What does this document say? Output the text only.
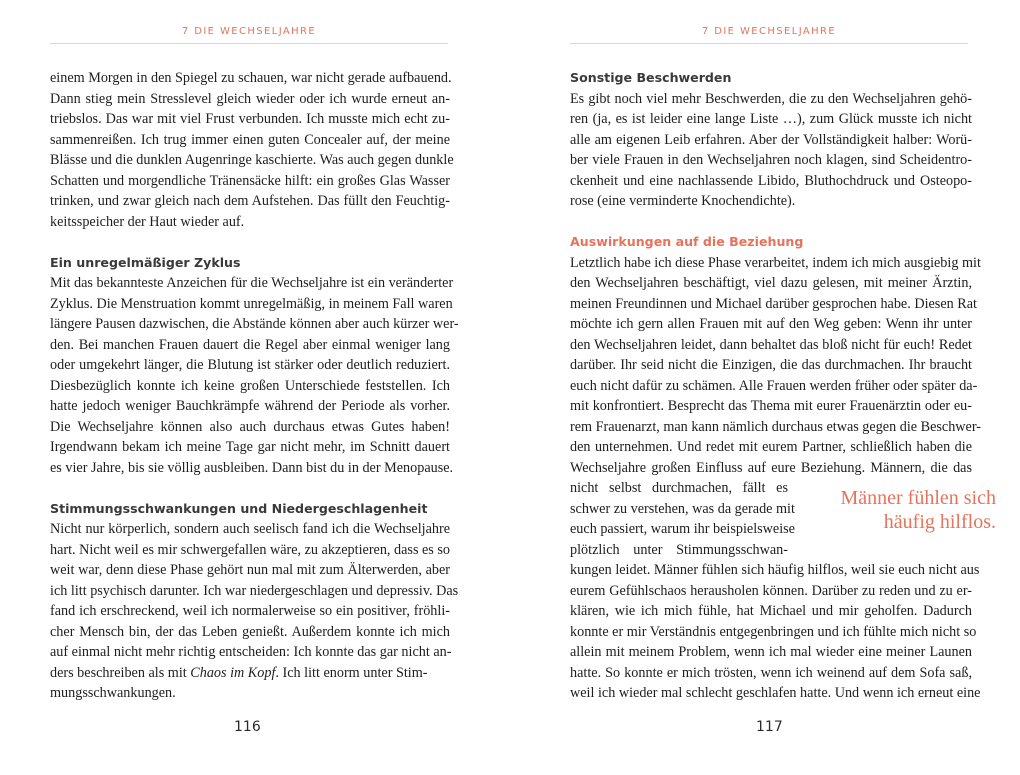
7 DIE WECHSELJAHRE
einem Morgen in den Spiegel zu schauen, war nicht gerade aufbauend.
Dann stieg mein Stresslevel gleich wieder oder ich wurde erneut an-
triebslos. Das war mit viel Frust verbunden. Ich musste mich echt zu-
sammenreißen. Ich trug immer einen guten Concealer auf, der meine
Blässe und die dunklen Augenringe kaschierte. Was auch gegen dunkle
Schatten und morgendliche Tränensäcke hilft: ein großes Glas Wasser
trinken, und zwar gleich nach dem Aufstehen. Das füllt den Feuchtig-
keitsspeicher der Haut wieder auf.
Ein unregelmäßiger Zyklus
Mit das bekannteste Anzeichen für die Wechseljahre ist ein veränderter
Zyklus. Die Menstruation kommt unregelmäßig, in meinem Fall waren
längere Pausen dazwischen, die Abstände können aber auch kürzer wer-
den. Bei manchen Frauen dauert die Regel aber einmal weniger lang
oder umgekehrt länger, die Blutung ist stärker oder deutlich reduziert.
Diesbezüglich konnte ich keine großen Unterschiede feststellen. Ich
hatte jedoch weniger Bauchkrämpfe während der Periode als vorher.
Die Wechseljahre können also auch durchaus etwas Gutes haben!
Irgendwann bekam ich meine Tage gar nicht mehr, im Schnitt dauert
es vier Jahre, bis sie völlig ausbleiben. Dann bist du in der Menopause.
Stimmungsschwankungen und Niedergeschlagenheit
Nicht nur körperlich, sondern auch seelisch fand ich die Wechseljahre
hart. Nicht weil es mir schwergefallen wäre, zu akzeptieren, dass es so
weit war, denn diese Phase gehört nun mal mit zum Älterwerden, aber
ich litt psychisch darunter. Ich war niedergeschlagen und depressiv. Das
fand ich erschreckend, weil ich normalerweise so ein positiver, fröhli-
cher Mensch bin, der das Leben genießt. Außerdem konnte ich mich
auf einmal nicht mehr richtig entscheiden: Ich konnte das gar nicht an-
ders beschreiben als mit Chaos im Kopf. Ich litt enorm unter Stim-
mungsschwankungen.
116
7 DIE WECHSELJAHRE
Sonstige Beschwerden
Es gibt noch viel mehr Beschwerden, die zu den Wechseljahren gehö-
ren (ja, es ist leider eine lange Liste …), zum Glück musste ich nicht
alle am eigenen Leib erfahren. Aber der Vollständigkeit halber: Worü-
ber viele Frauen in den Wechseljahren noch klagen, sind Scheidentro-
ckenheit und eine nachlassende Libido, Bluthochdruck und Osteopo-
rose (eine verminderte Knochendichte).
Auswirkungen auf die Beziehung
Letztlich habe ich diese Phase verarbeitet, indem ich mich ausgiebig mit
den Wechseljahren beschäftigt, viel dazu gelesen, mit meiner Ärztin,
meinen Freundinnen und Michael darüber gesprochen habe. Diesen Rat
möchte ich gern allen Frauen mit auf den Weg geben: Wenn ihr unter
den Wechseljahren leidet, dann behaltet das bloß nicht für euch! Redet
darüber. Ihr seid nicht die Einzigen, die das durchmachen. Ihr braucht
euch nicht dafür zu schämen. Alle Frauen werden früher oder später da-
mit konfrontiert. Besprecht das Thema mit eurer Frauenärztin oder eu-
rem Frauenarzt, man kann nämlich durchaus etwas gegen die Beschwer-
den unternehmen. Und redet mit eurem Partner, schließlich haben die
Wechseljahre großen Einfluss auf eure Beziehung. Männern, die das
nicht selbst durchmachen, fällt es
schwer zu verstehen, was da gerade mit
euch passiert, warum ihr beispielsweise
plötzlich unter Stimmungsschwan-
kungen leidet. Männer fühlen sich häufig hilflos, weil sie euch nicht aus
eurem Gefühlschaos herausholen können. Darüber zu reden und zu er-
klären, wie ich mich fühle, hat Michael und mir geholfen. Dadurch
konnte er mir Verständnis entgegenbringen und ich fühlte mich nicht so
allein mit meinem Problem, wenn ich mal wieder eine meiner Launen
hatte. So konnte er mich trösten, wenn ich weinend auf dem Sofa saß,
weil ich wieder mal schlecht geschlafen hatte. Und wenn ich erneut eine
Männer fühlen sich
häufig hilflos.
117
